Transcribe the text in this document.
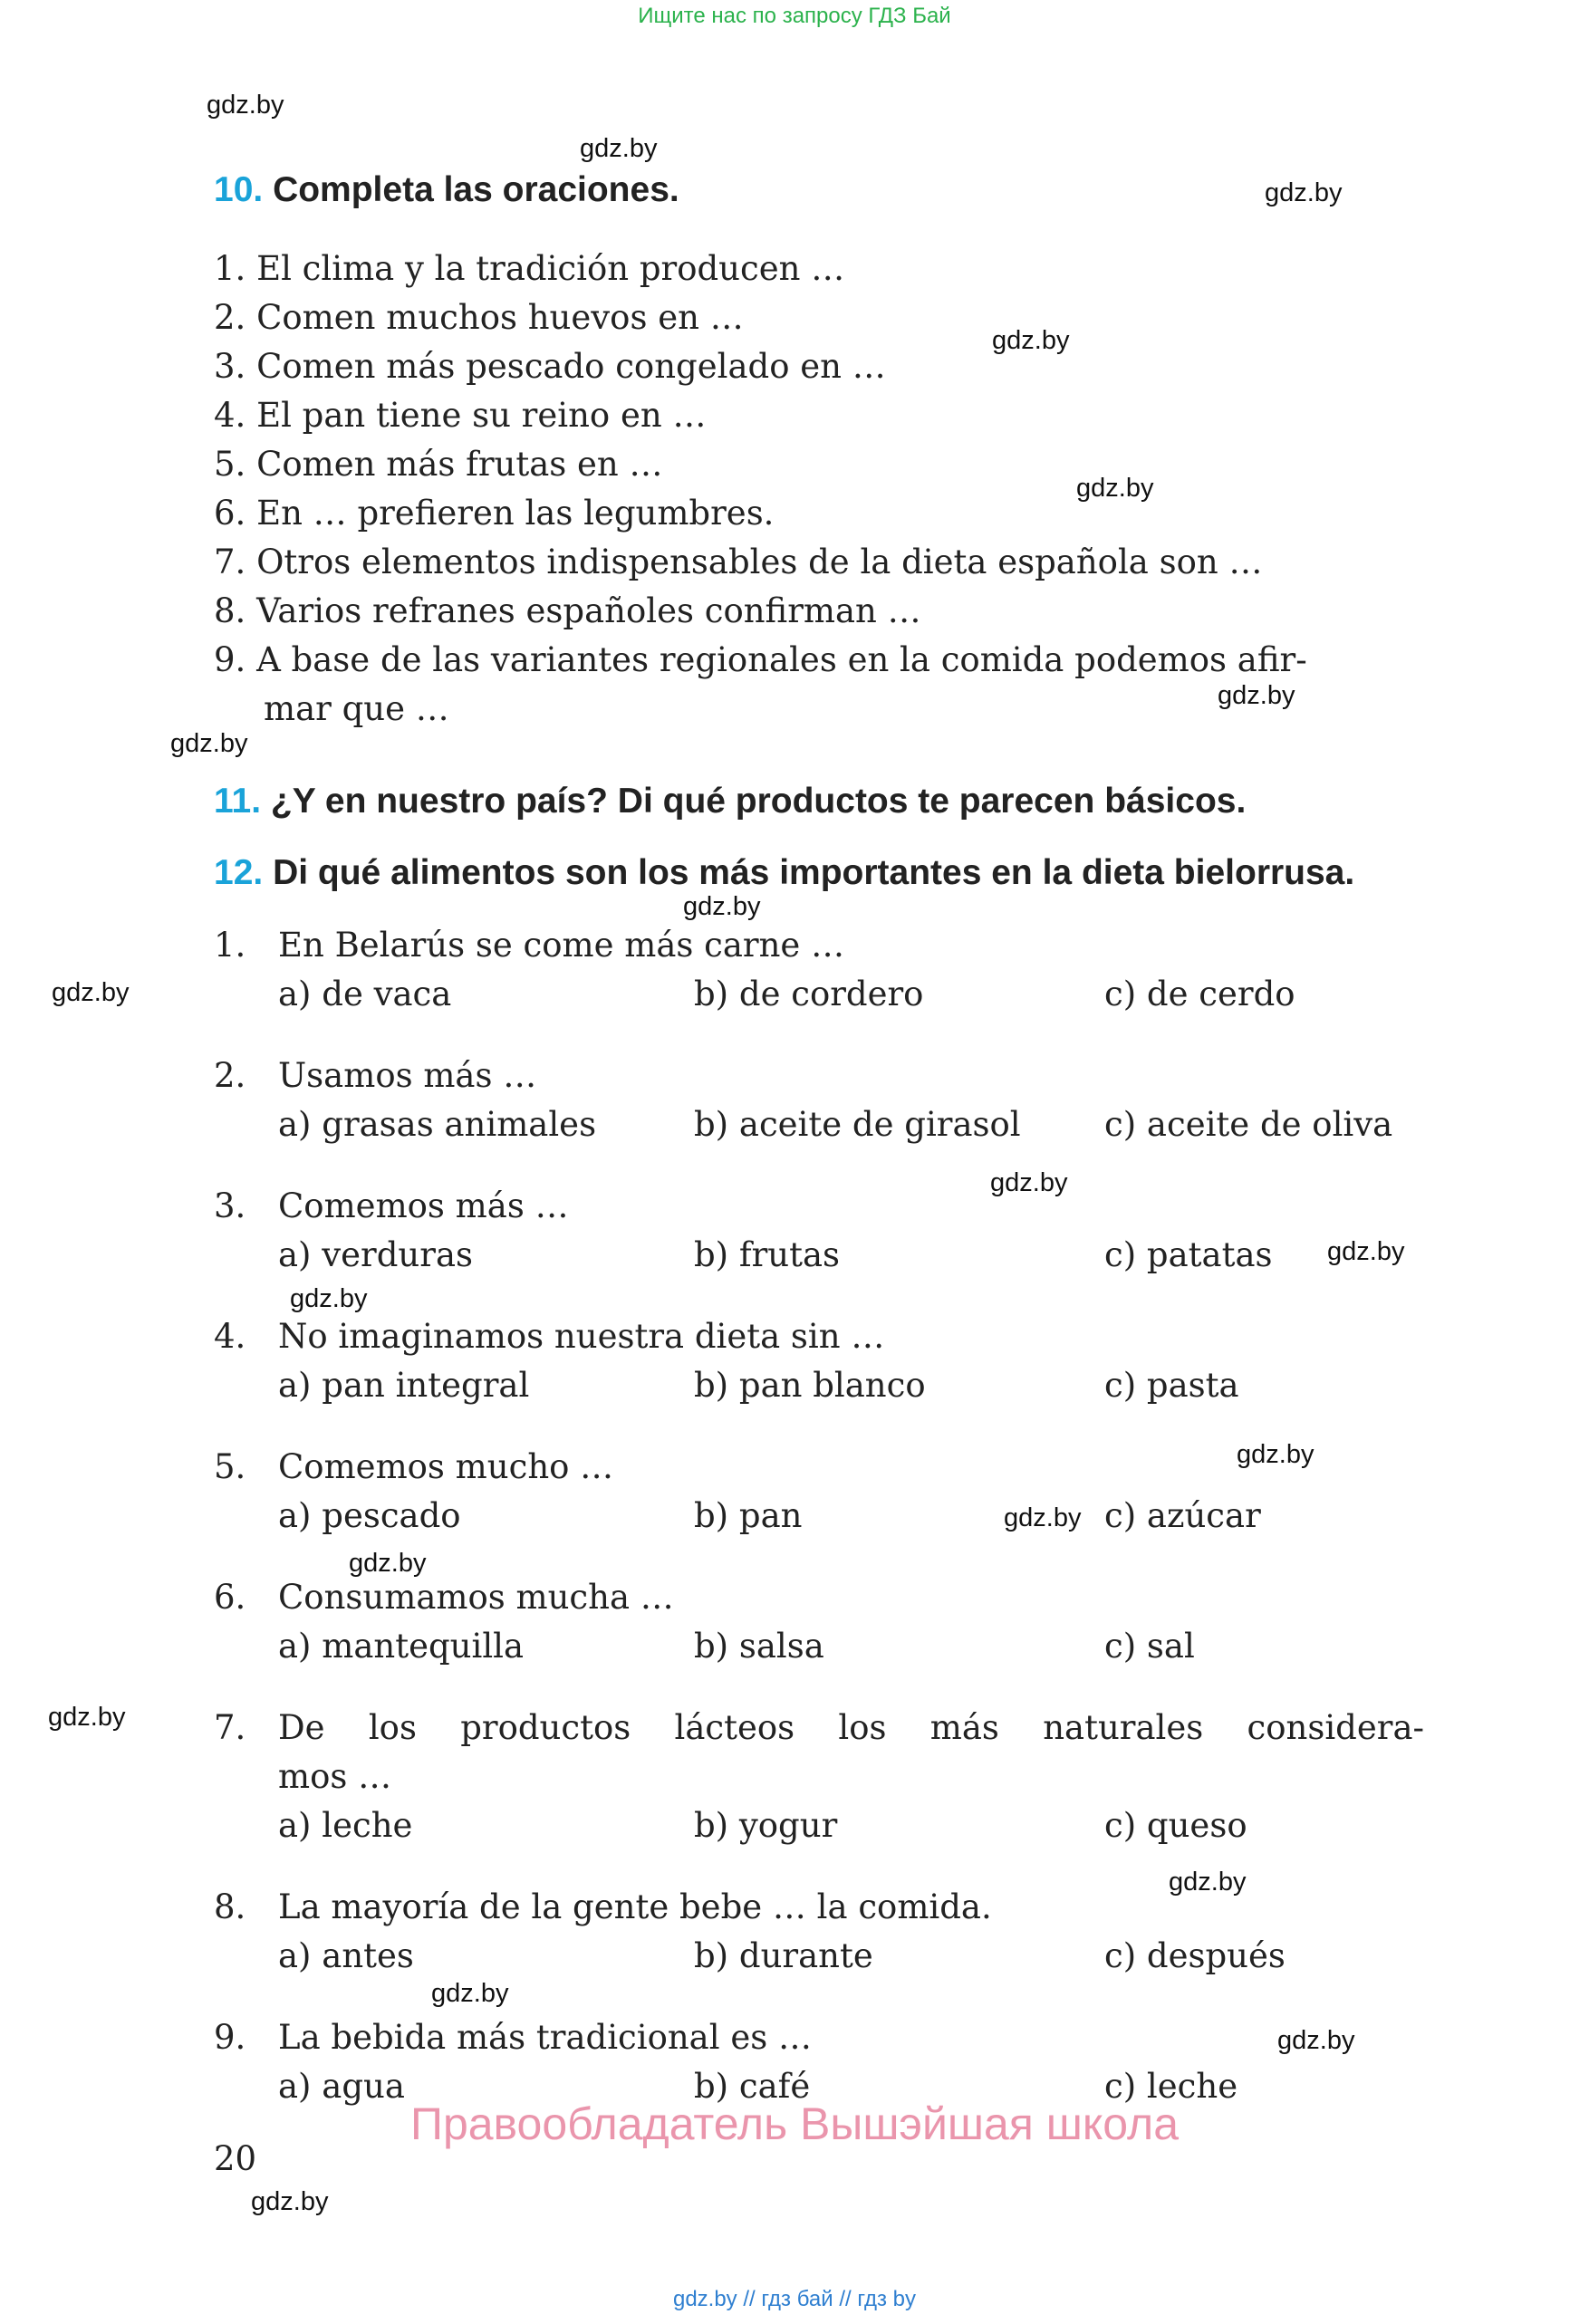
Ищите нас по запросу ГДЗ Бай
gdz.by
gdz.by
gdz.by
gdz.by
gdz.by
gdz.by
gdz.by
gdz.by
gdz.by
gdz.by
gdz.by
gdz.by
gdz.by
gdz.by
gdz.by
gdz.by
gdz.by
gdz.by
gdz.by
gdz.by
10. Completa las oraciones.
1. El clima y la tradición producen …
2. Comen muchos huevos en …
3. Comen más pescado congelado en …
4. El pan tiene su reino en …
5. Comen más frutas en …
6. En … prefieren las legumbres.
7. Otros elementos indispensables de la dieta española son …
8. Varios refranes españoles confirman …
9. A base de las variantes regionales en la comida podemos afir-
mar que …
11. ¿Y en nuestro país? Di qué productos te parecen básicos.
12. Di qué alimentos son los más importantes en la dieta bielorrusa.
1. En Belarús se come más carne …
a) de vaca	b) de cordero	c) de cerdo
2. Usamos más …
a) grasas animales	b) aceite de girasol c) aceite de oliva
3. Comemos más …
a) verduras	b) frutas	c) patatas
4. No imaginamos nuestra dieta sin …
a) pan integral	b) pan blanco	c) pasta
5. Comemos mucho …
a) pescado	b) pan	c) azúcar
6. Consumamos mucha …
a) mantequilla	b) salsa	c) sal
7. De los productos lácteos los más naturales considera-
mos …
a) leche	b) yogur	c) queso
8. La mayoría de la gente bebe … la comida.
a) antes	b) durante	c) después
9. La bebida más tradicional es …
a) agua	b) café	c) leche
Правообладатель Вышэйшая школа
20
gdz.by // гдз бай // гдз by
